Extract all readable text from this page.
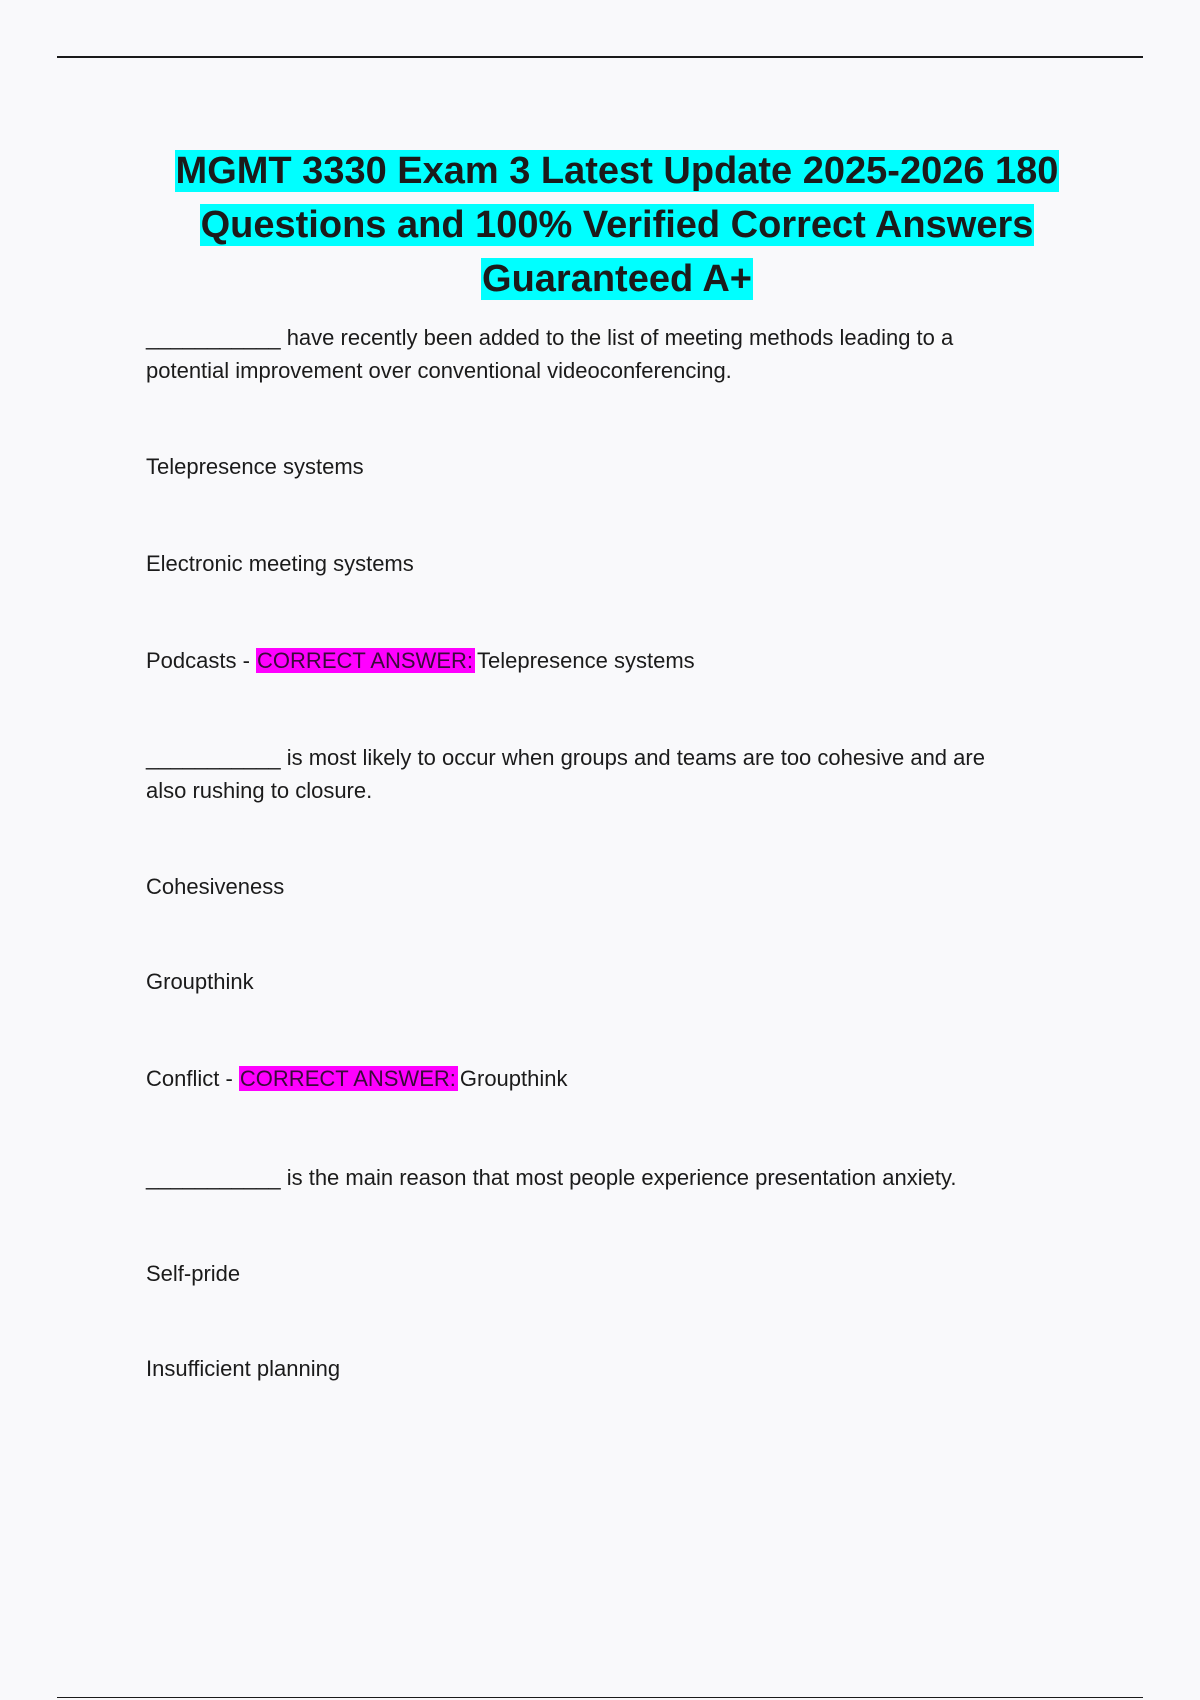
MGMT 3330 Exam 3 Latest Update 2025-2026 180
Questions and 100% Verified Correct Answers
Guaranteed A+

___________ have recently been added to the list of meeting methods leading to a

potential improvement over conventional videoconferencing.

Telepresence systems

Electronic meeting systems

Podcasts - CORRECT ANSWER: Telepresence systems

___________ is most likely to occur when groups and teams are too cohesive and are

also rushing to closure.

Cohesiveness

Groupthink

Conflict - CORRECT ANSWER: Groupthink

___________ is the main reason that most people experience presentation anxiety.

Self-pride

Insufficient planning
